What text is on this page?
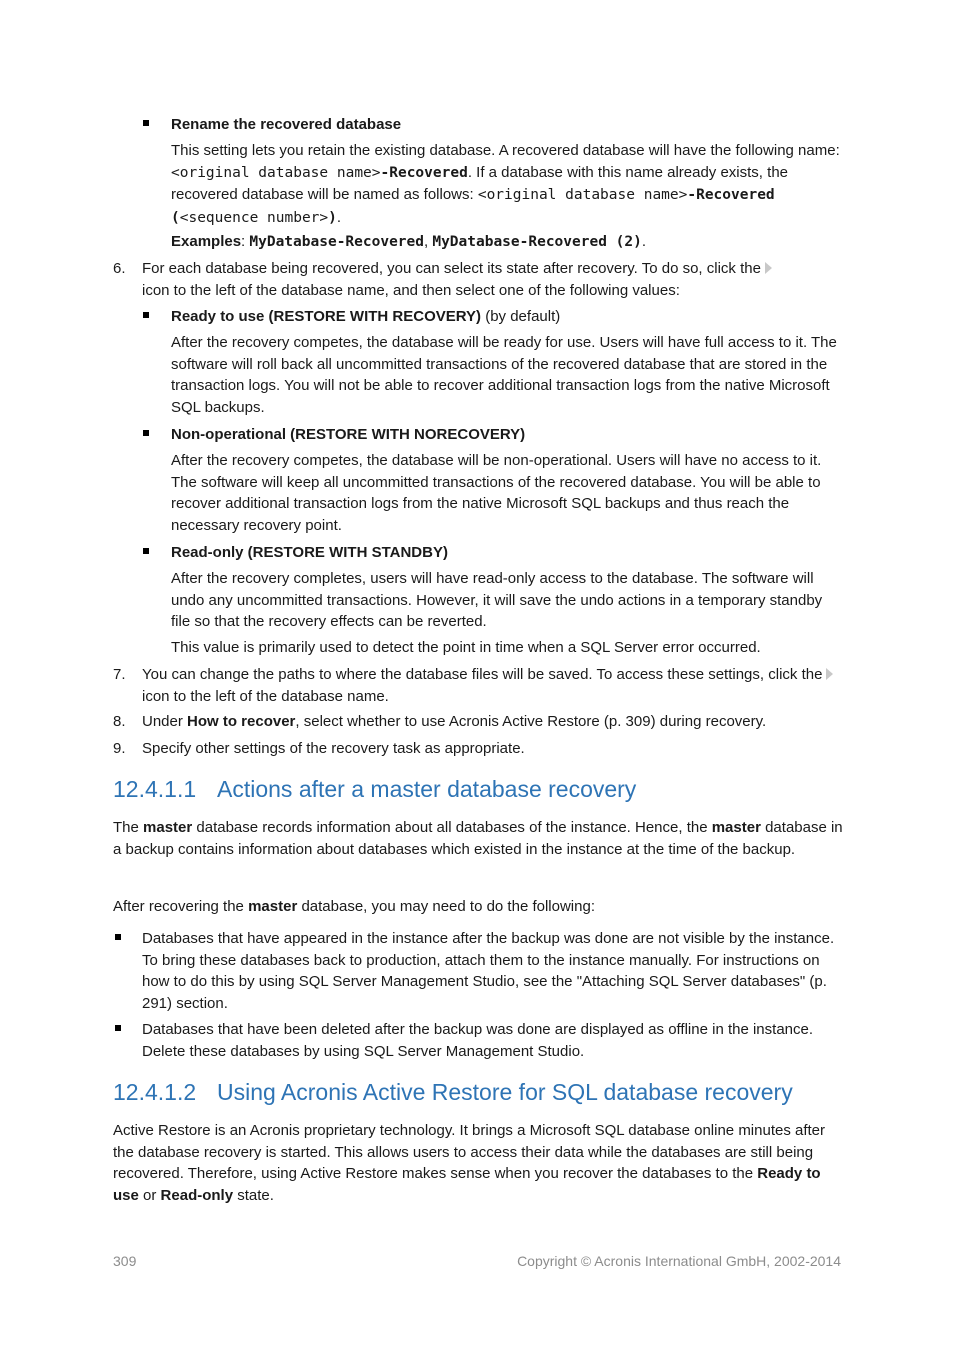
Rename the recovered database
This setting lets you retain the existing database. A recovered database will have the following name: <original database name>-Recovered. If a database with this name already exists, the recovered database will be named as follows: <original database name>-Recovered (<sequence number>).
Examples: MyDatabase-Recovered, MyDatabase-Recovered (2).
6. For each database being recovered, you can select its state after recovery. To do so, click the
icon to the left of the database name, and then select one of the following values:
Ready to use (RESTORE WITH RECOVERY) (by default)
After the recovery competes, the database will be ready for use. Users will have full access to it. The software will roll back all uncommitted transactions of the recovered database that are stored in the transaction logs. You will not be able to recover additional transaction logs from the native Microsoft SQL backups.
Non-operational (RESTORE WITH NORECOVERY)
After the recovery competes, the database will be non-operational. Users will have no access to it. The software will keep all uncommitted transactions of the recovered database. You will be able to recover additional transaction logs from the native Microsoft SQL backups and thus reach the necessary recovery point.
Read-only (RESTORE WITH STANDBY)
After the recovery completes, users will have read-only access to the database. The software will undo any uncommitted transactions. However, it will save the undo actions in a temporary standby file so that the recovery effects can be reverted.
This value is primarily used to detect the point in time when a SQL Server error occurred.
7. You can change the paths to where the database files will be saved. To access these settings, click theicon to the left of the database name.
8. Under How to recover, select whether to use Acronis Active Restore (p. 309) during recovery.
9. Specify other settings of the recovery task as appropriate.
12.4.1.1 Actions after a master database recovery
The master database records information about all databases of the instance. Hence, the master database in a backup contains information about databases which existed in the instance at the time of the backup.
After recovering the master database, you may need to do the following:
Databases that have appeared in the instance after the backup was done are not visible by the instance. To bring these databases back to production, attach them to the instance manually. For instructions on how to do this by using SQL Server Management Studio, see the "Attaching SQL Server databases" (p. 291) section.
Databases that have been deleted after the backup was done are displayed as offline in the instance. Delete these databases by using SQL Server Management Studio.
12.4.1.2 Using Acronis Active Restore for SQL database recovery
Active Restore is an Acronis proprietary technology. It brings a Microsoft SQL database online minutes after the database recovery is started. This allows users to access their data while the databases are still being recovered. Therefore, using Active Restore makes sense when you recover the databases to the Ready to use or Read-only state.
309	Copyright © Acronis International GmbH, 2002-2014
